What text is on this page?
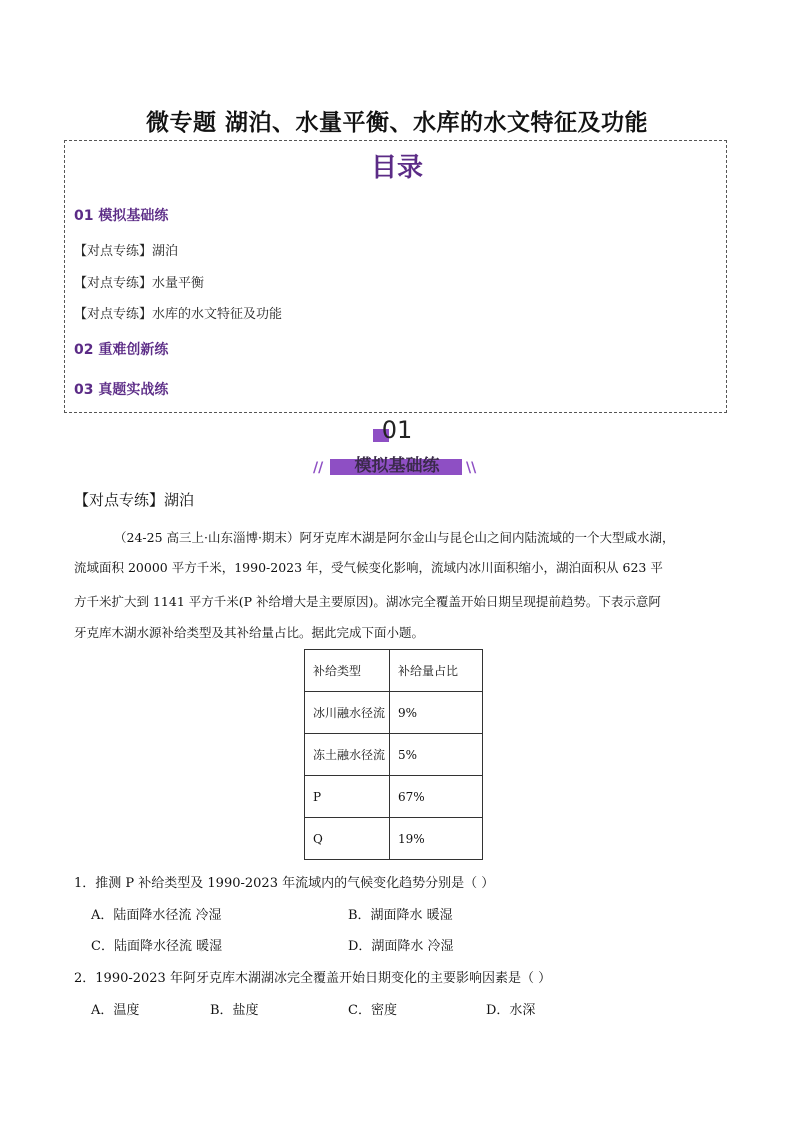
微专题 湖泊、水量平衡、水库的水文特征及功能
目录
01 模拟基础练
【对点专练】湖泊
【对点专练】水量平衡
【对点专练】水库的水文特征及功能
02 重难创新练
03 真题实战练
01
//	\\
模拟基础练
【对点专练】湖泊
（24-25 高三上·山东淄博·期末）阿牙克库木湖是阿尔金山与昆仑山之间内陆流域的一个大型咸水湖，
流域面积 20000 平方千米，1990-2023 年，受气候变化影响，流域内冰川面积缩小，湖泊面积从 623 平
方千米扩大到 1141 平方千米(P 补给增大是主要原因)。湖冰完全覆盖开始日期呈现提前趋势。下表示意阿
牙克库木湖水源补给类型及其补给量占比。据此完成下面小题。
补给类型	补给量占比
冰川融水径流	9%
冻土融水径流	5%
P	67%
Q	19%
1．推测 P 补给类型及 1990-2023 年流域内的气候变化趋势分别是（ ）
A．陆面降水径流 冷湿	B．湖面降水 暖湿
C．陆面降水径流 暖湿	D．湖面降水 冷湿
2．1990-2023 年阿牙克库木湖湖冰完全覆盖开始日期变化的主要影响因素是（ ）
A．温度	B．盐度	C．密度	D．水深
